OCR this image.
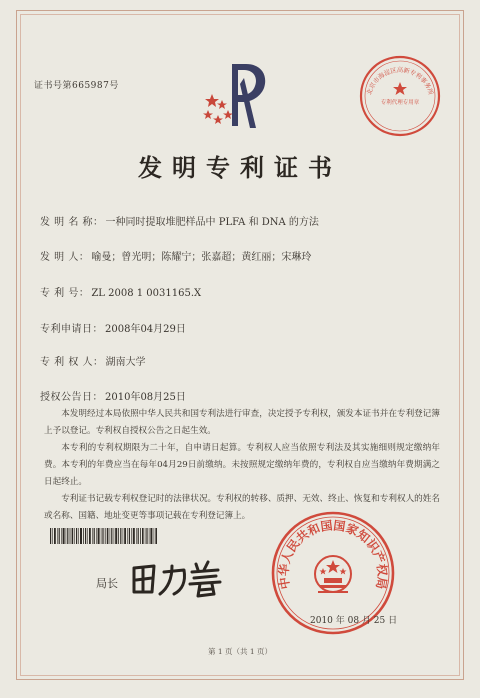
证书号第665987号
北京市海淀区高新专利事务所
专利代理专用章
发明专利证书
发 明 名 称： 一种同时提取堆肥样品中 PLFA 和 DNA 的方法
发 明 人： 喻曼；曾光明；陈耀宁；张嘉超；黄红丽；宋琳玲
专 利 号： ZL 2008 1 0031165.X
专利申请日： 2008年04月29日
专 利 权 人： 湖南大学
授权公告日： 2010年08月25日

本发明经过本局依照中华人民共和国专利法进行审查，决定授予专利权，颁发本证书并在专利登记簿上予以登记。专利权自授权公告之日起生效。

本专利的专利权期限为二十年，自申请日起算。专利权人应当依照专利法及其实施细则规定缴纳年费。本专利的年费应当在每年04月29日前缴纳。未按照规定缴纳年费的，专利权自应当缴纳年费期满之日起终止。

专利证书记载专利权登记时的法律状况。专利权的转移、质押、无效、终止、恢复和专利权人的姓名或名称、国籍、地址变更等事项记载在专利登记簿上。

局长	中华人民共和国国家知识产权局
2010 年 08 月 25 日
第 1 页（共 1 页）
